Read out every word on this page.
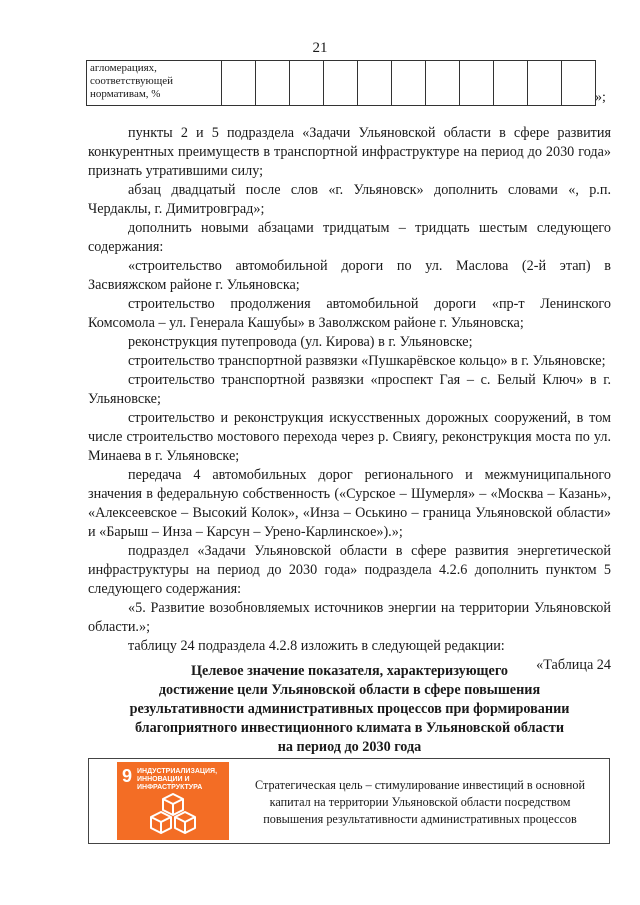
21
агломерациях,
соответствующей
нормативам, %
												»;

пункты 2 и 5 подраздела «Задачи Ульяновской области в сфере развития конкурентных преимуществ в транспортной инфраструктуре на период до 2030 года» признать утратившими силу;

абзац двадцатый после слов «г. Ульяновск» дополнить словами «, р.п. Чердаклы, г. Димитровград»;

дополнить новыми абзацами тридцатым – тридцать шестым следующего содержания:

«строительство автомобильной дороги по ул. Маслова (2-й этап) в Засвияжском районе г. Ульяновска;

строительство продолжения автомобильной дороги «пр-т Ленинского Комсомола – ул. Генерала Кашубы» в Заволжском районе г. Ульяновска;

реконструкция путепровода (ул. Кирова) в г. Ульяновске;

строительство транспортной развязки «Пушкарёвское кольцо» в г. Ульяновске;

строительство транспортной развязки «проспект Гая – с. Белый Ключ» в г. Ульяновске;

строительство и реконструкция искусственных дорожных сооружений, в том числе строительство мостового перехода через р. Свиягу, реконструкция моста по ул. Минаева в г. Ульяновске;

передача 4 автомобильных дорог регионального и межмуниципального значения в федеральную собственность («Сурское – Шумерля» – «Москва – Казань», «Алексеевское – Высокий Колок», «Инза – Оськино – граница Ульяновской области» и «Барыш – Инза – Карсун – Урено-Карлинское»).»;

подраздел «Задачи Ульяновской области в сфере развития энергетической инфраструктуры на период до 2030 года» подраздела 4.2.6 дополнить пунктом 5 следующего содержания:

«5. Развитие возобновляемых источников энергии на территории Ульяновской области.»;

таблицу 24 подраздела 4.2.8 изложить в следующей редакции:

«Таблица 24

Целевое значение показателя, характеризующего
достижение цели Ульяновской области в сфере повышения
результативности административных процессов при формировании
благоприятного инвестиционного климата в Ульяновской области
на период до 2030 года
9 ИНДУСТРИАЛИЗАЦИЯ,
ИННОВАЦИИ И
ИНФРАСТРУКТУРА	Стратегическая цель – стимулирование инвестиций в основной
капитал на территории Ульяновской области посредством
повышения результативности административных процессов
